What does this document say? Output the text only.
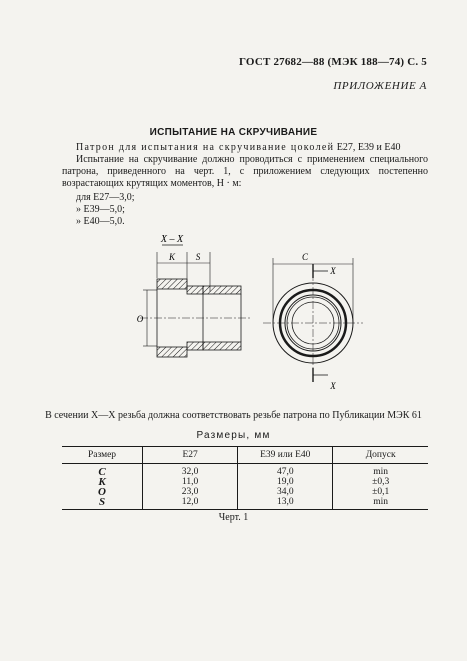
ГОСТ 27682—88 (МЭК 188—74) С. 5
ПРИЛОЖЕНИЕ А
ИСПЫТАНИЕ НА СКРУЧИВАНИЕ
Патрон для испытания на скручивание цоколей Е27, Е39 и Е40
Испытание на скручивание должно проводиться с применением специального патрона, приведенного на черт. 1, с приложением следующих постепенно возрастающих крутящих моментов, Н · м:
для Е27—3,0;
» Е39—5,0;
» Е40—5,0.
X – X
K S
O
C
X
X
В сечении X—X резьба должна соответствовать резьбе патрона по Публикации МЭК 61
Размеры, мм
Размер	Е27	Е39 или Е40	Допуск
C	32,0	47,0	min
K	11,0	19,0	±0,3
O	23,0	34,0	±0,1
S	12,0	13,0	min
Черт. 1
